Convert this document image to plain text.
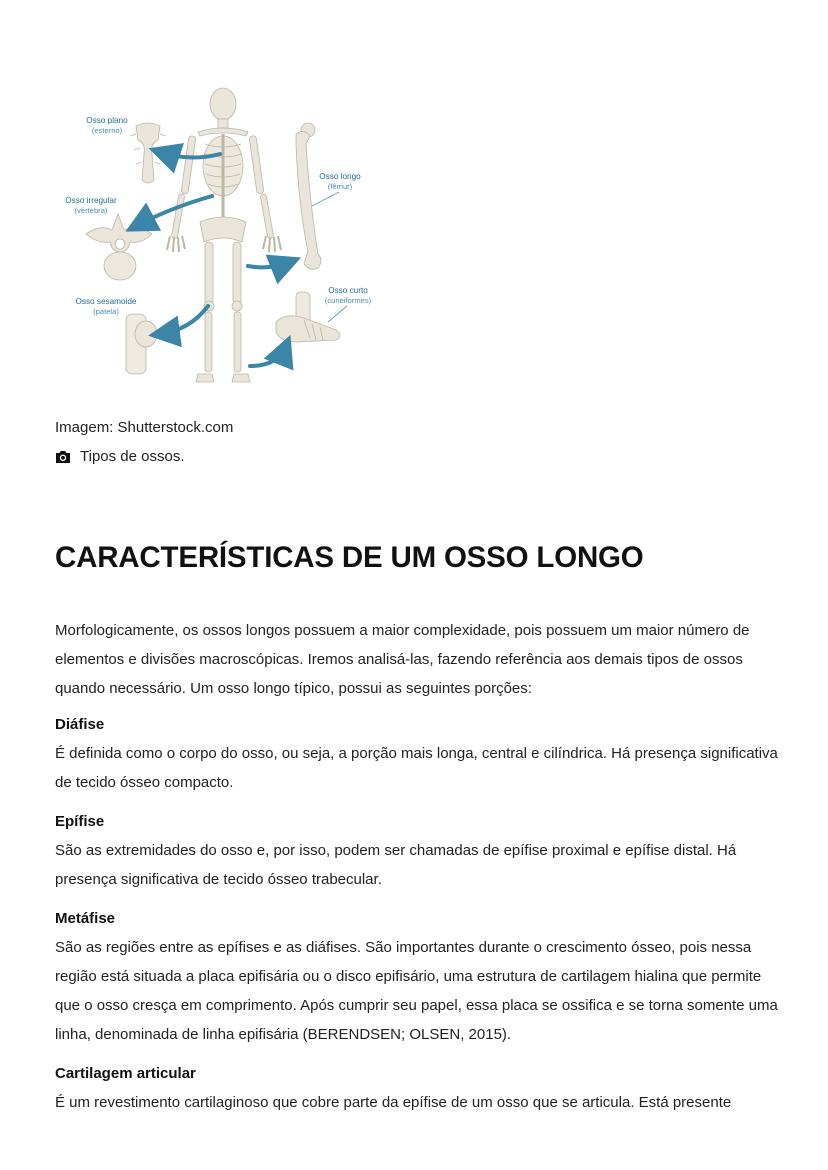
Osso plano
(esterno)
Osso longo
(fêmur)
Osso irregular
(vértebra)
Osso sesamoide
(patela)
Osso curto
(cuneiformes)
Imagem: Shutterstock.com
Tipos de ossos.
CARACTERÍSTICAS DE UM OSSO LONGO

Morfologicamente, os ossos longos possuem a maior complexidade, pois possuem um maior número de elementos e divisões macroscópicas. Iremos analisá-las, fazendo referência aos demais tipos de ossos quando necessário. Um osso longo típico, possui as seguintes porções:

Diáfise

É definida como o corpo do osso, ou seja, a porção mais longa, central e cilíndrica. Há presença significativa de tecido ósseo compacto.

Epífise

São as extremidades do osso e, por isso, podem ser chamadas de epífise proximal e epífise distal. Há presença significativa de tecido ósseo trabecular.

Metáfise

São as regiões entre as epífises e as diáfises. São importantes durante o crescimento ósseo, pois nessa região está situada a placa epifisária ou o disco epifisário, uma estrutura de cartilagem hialina que permite que o osso cresça em comprimento. Após cumprir seu papel, essa placa se ossifica e se torna somente uma linha, denominada de linha epifisária (BERENDSEN; OLSEN, 2015).

Cartilagem articular

É um revestimento cartilaginoso que cobre parte da epífise de um osso que se articula. Está presente
